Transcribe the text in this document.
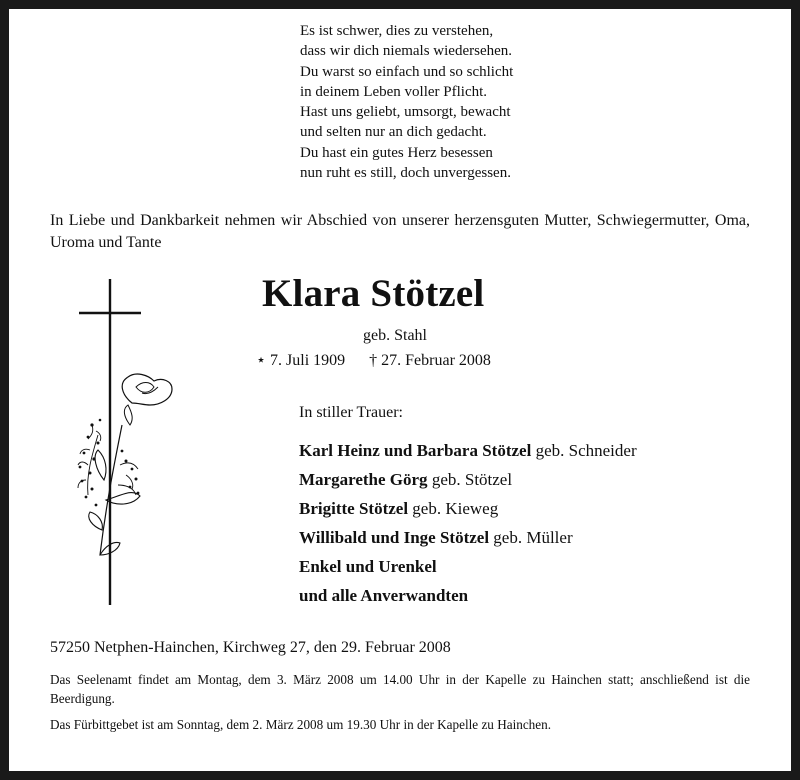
Es ist schwer, dies zu verstehen,
dass wir dich niemals wiedersehen.
Du warst so einfach und so schlicht
in deinem Leben voller Pflicht.
Hast uns geliebt, umsorgt, bewacht
und selten nur an dich gedacht.
Du hast ein gutes Herz besessen
nun ruht es still, doch unvergessen.
In Liebe und Dankbarkeit nehmen wir Abschied von unserer herzensguten Mutter, Schwiegermutter, Oma, Uroma und Tante
Klara Stötzel
geb. Stahl
⋆ 7. Juli 1909 † 27. Februar 2008
In stiller Trauer:
Karl Heinz und Barbara Stötzel geb. Schneider
Margarethe Görg geb. Stötzel
Brigitte Stötzel geb. Kieweg
Willibald und Inge Stötzel geb. Müller
Enkel und Urenkel
und alle Anverwandten
57250 Netphen-Hainchen, Kirchweg 27, den 29. Februar 2008
Das Seelenamt findet am Montag, dem 3. März 2008 um 14.00 Uhr in der Kapelle zu Hainchen statt; anschließend ist die Beerdigung.
Das Fürbittgebet ist am Sonntag, dem 2. März 2008 um 19.30 Uhr in der Kapelle zu Hainchen.
